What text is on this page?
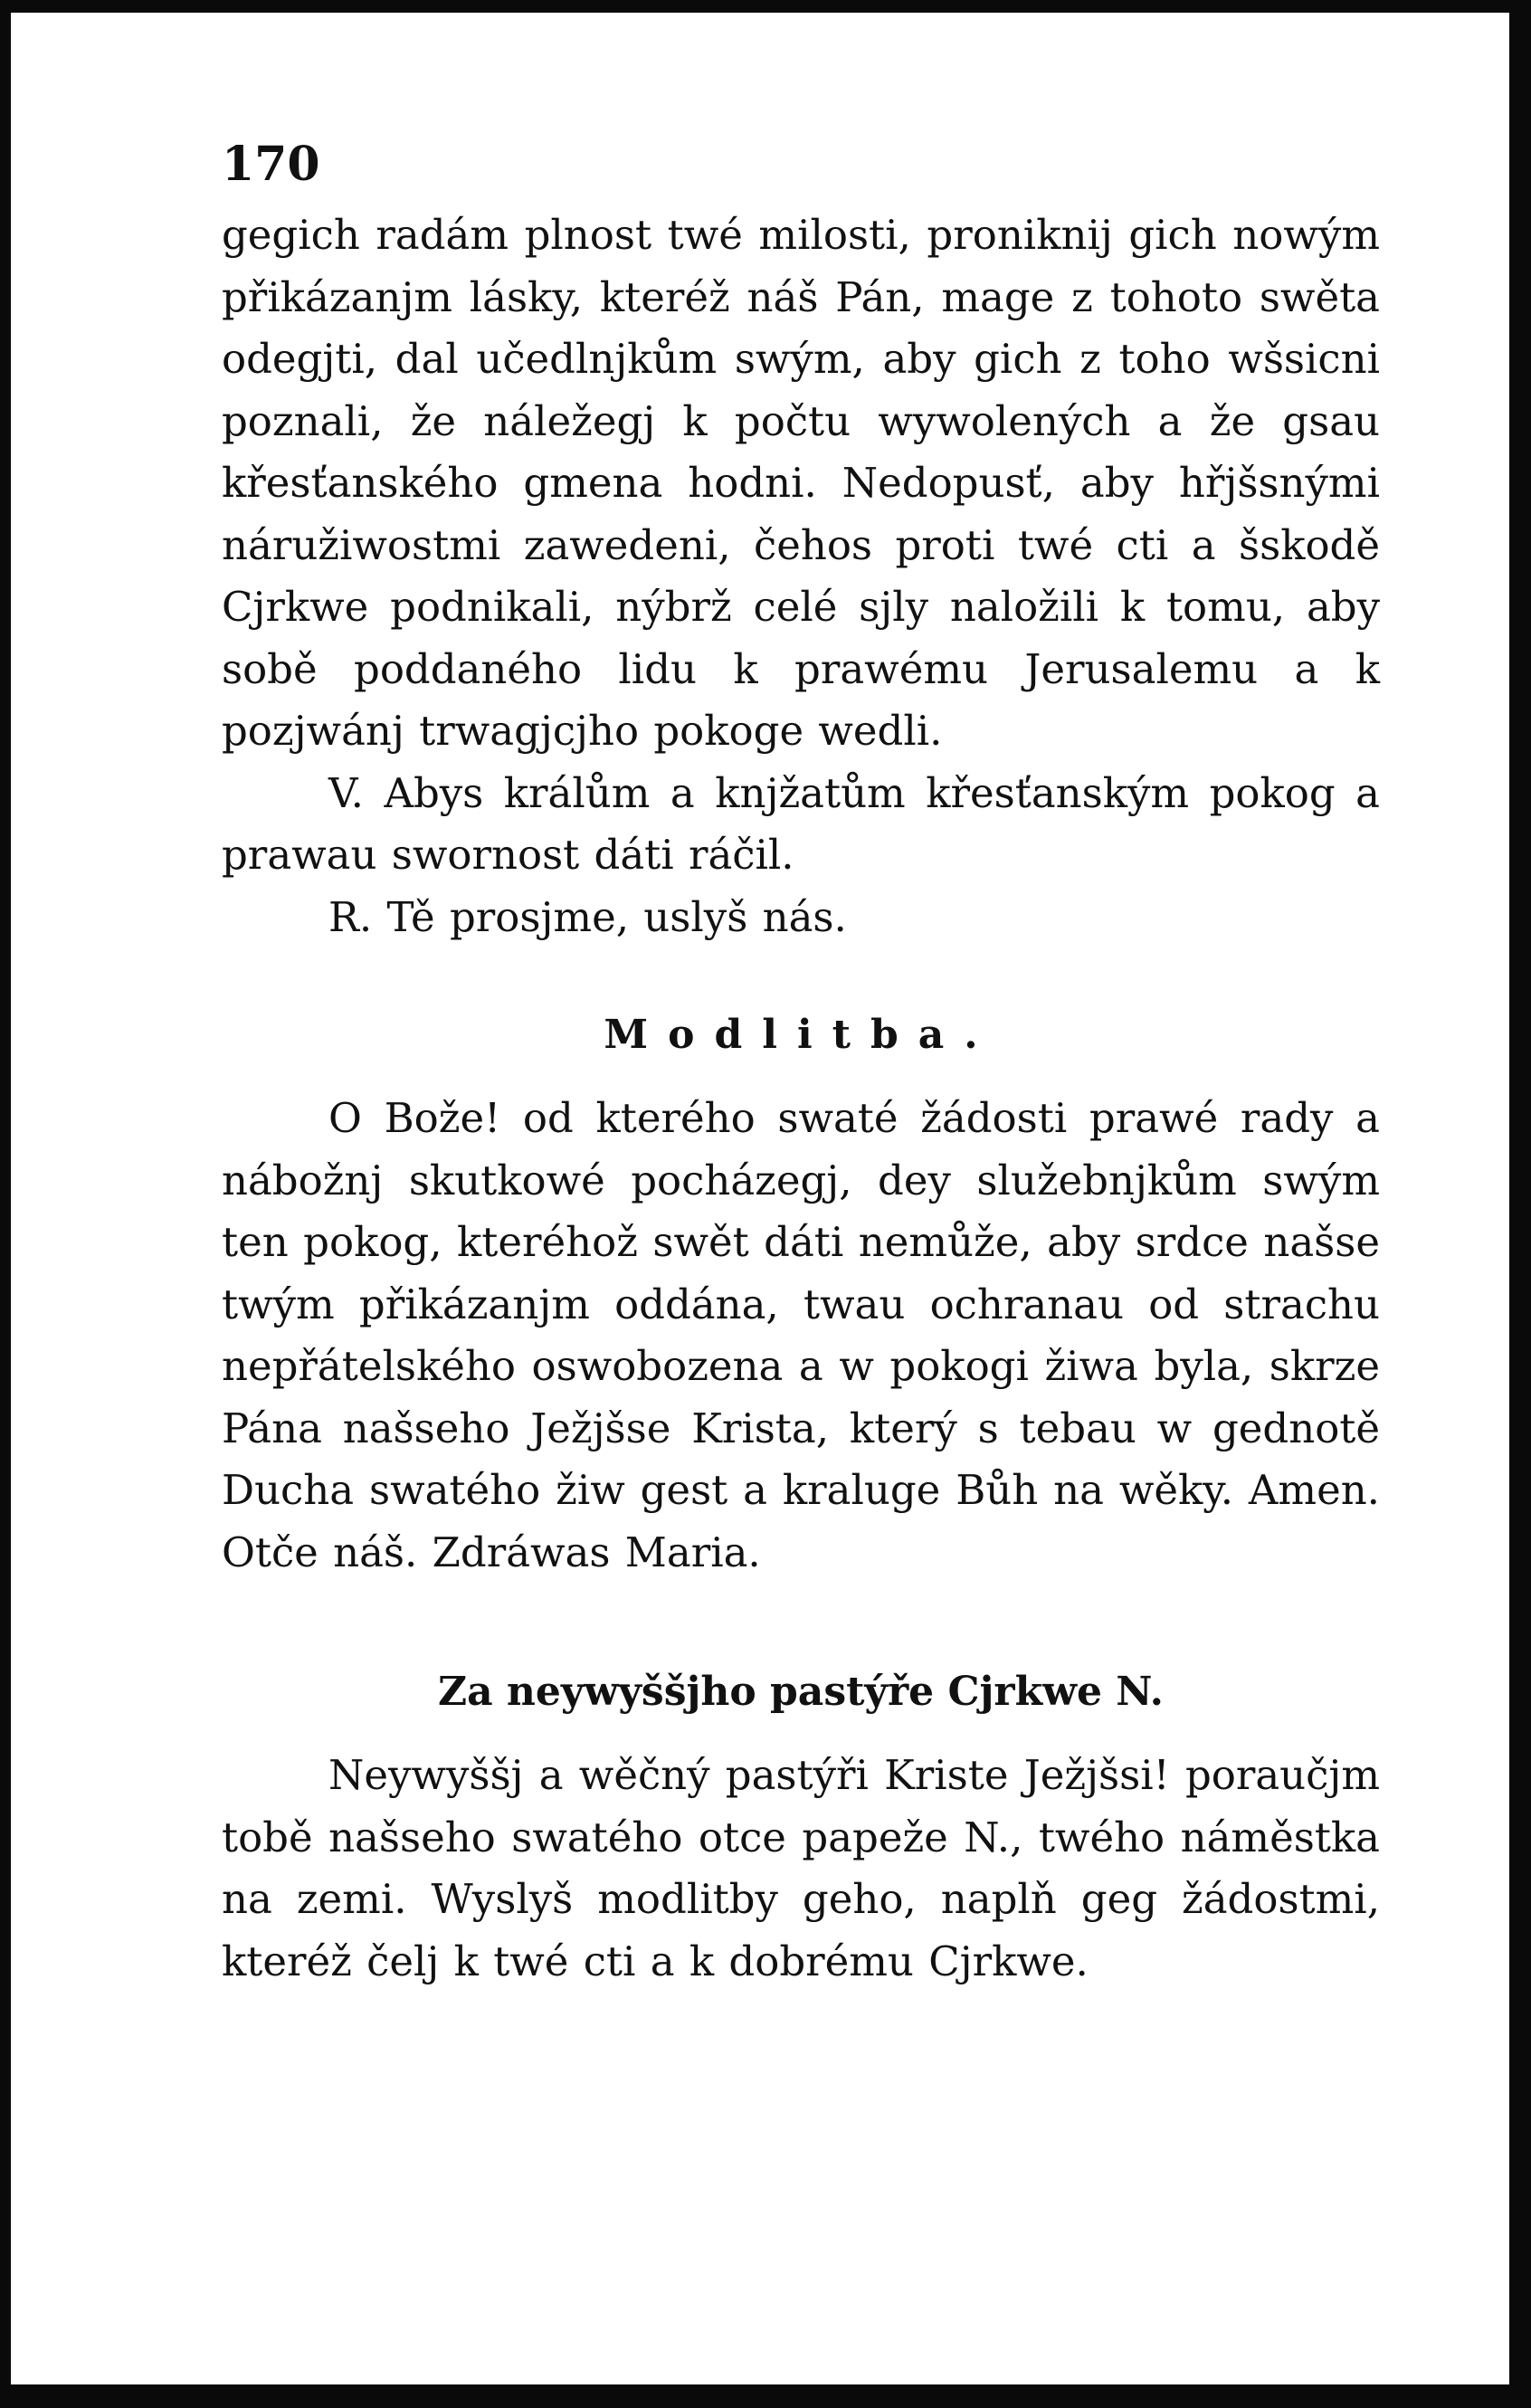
170

gegich radám plnost twé milosti, proniknij gich nowým přikázanjm lásky, kteréž náš Pán, mage z tohoto swěta odegjti, dal učedlnjkům swým, aby gich z toho wšsicni poznali, že náležegj k počtu wywolených a že gsau křesťanského gmena hodni. Nedopusť, aby hřjšsnými náružiwostmi zawedeni, čehos proti twé cti a šskodě Cjrkwe podnikali, nýbrž celé sjly naložili k tomu, aby sobě poddaného lidu k prawému Jerusalemu a k pozjwánj trwagjcjho pokoge wedli.

V. Abys králům a knjžatům křesťanským pokog a prawau swornost dáti ráčil.

R. Tě prosjme, uslyš nás.

Modlitba.

O Bože! od kterého swaté žádosti prawé rady a nábožnj skutkowé pocházegj, dey služebnjkům swým ten pokog, kteréhož swět dáti nemůže, aby srdce našse twým přikázanjm oddána, twau ochranau od strachu nepřátelského oswobozena a w pokogi žiwa byla, skrze Pána našseho Ježjšse Krista, který s tebau w gednotě Ducha swatého žiw gest a kraluge Bůh na wěky. Amen. Otče náš. Zdráwas Maria.

Za neywyššjho pastýře Cjrkwe N.

Neywyššj a wěčný pastýři Kriste Ježjšsi! poraučjm tobě našseho swatého otce papeže N., twého náměstka na zemi. Wyslyš modlitby geho, naplň geg žádostmi, kteréž čelj k twé cti a k dobrému Cjrkwe.
